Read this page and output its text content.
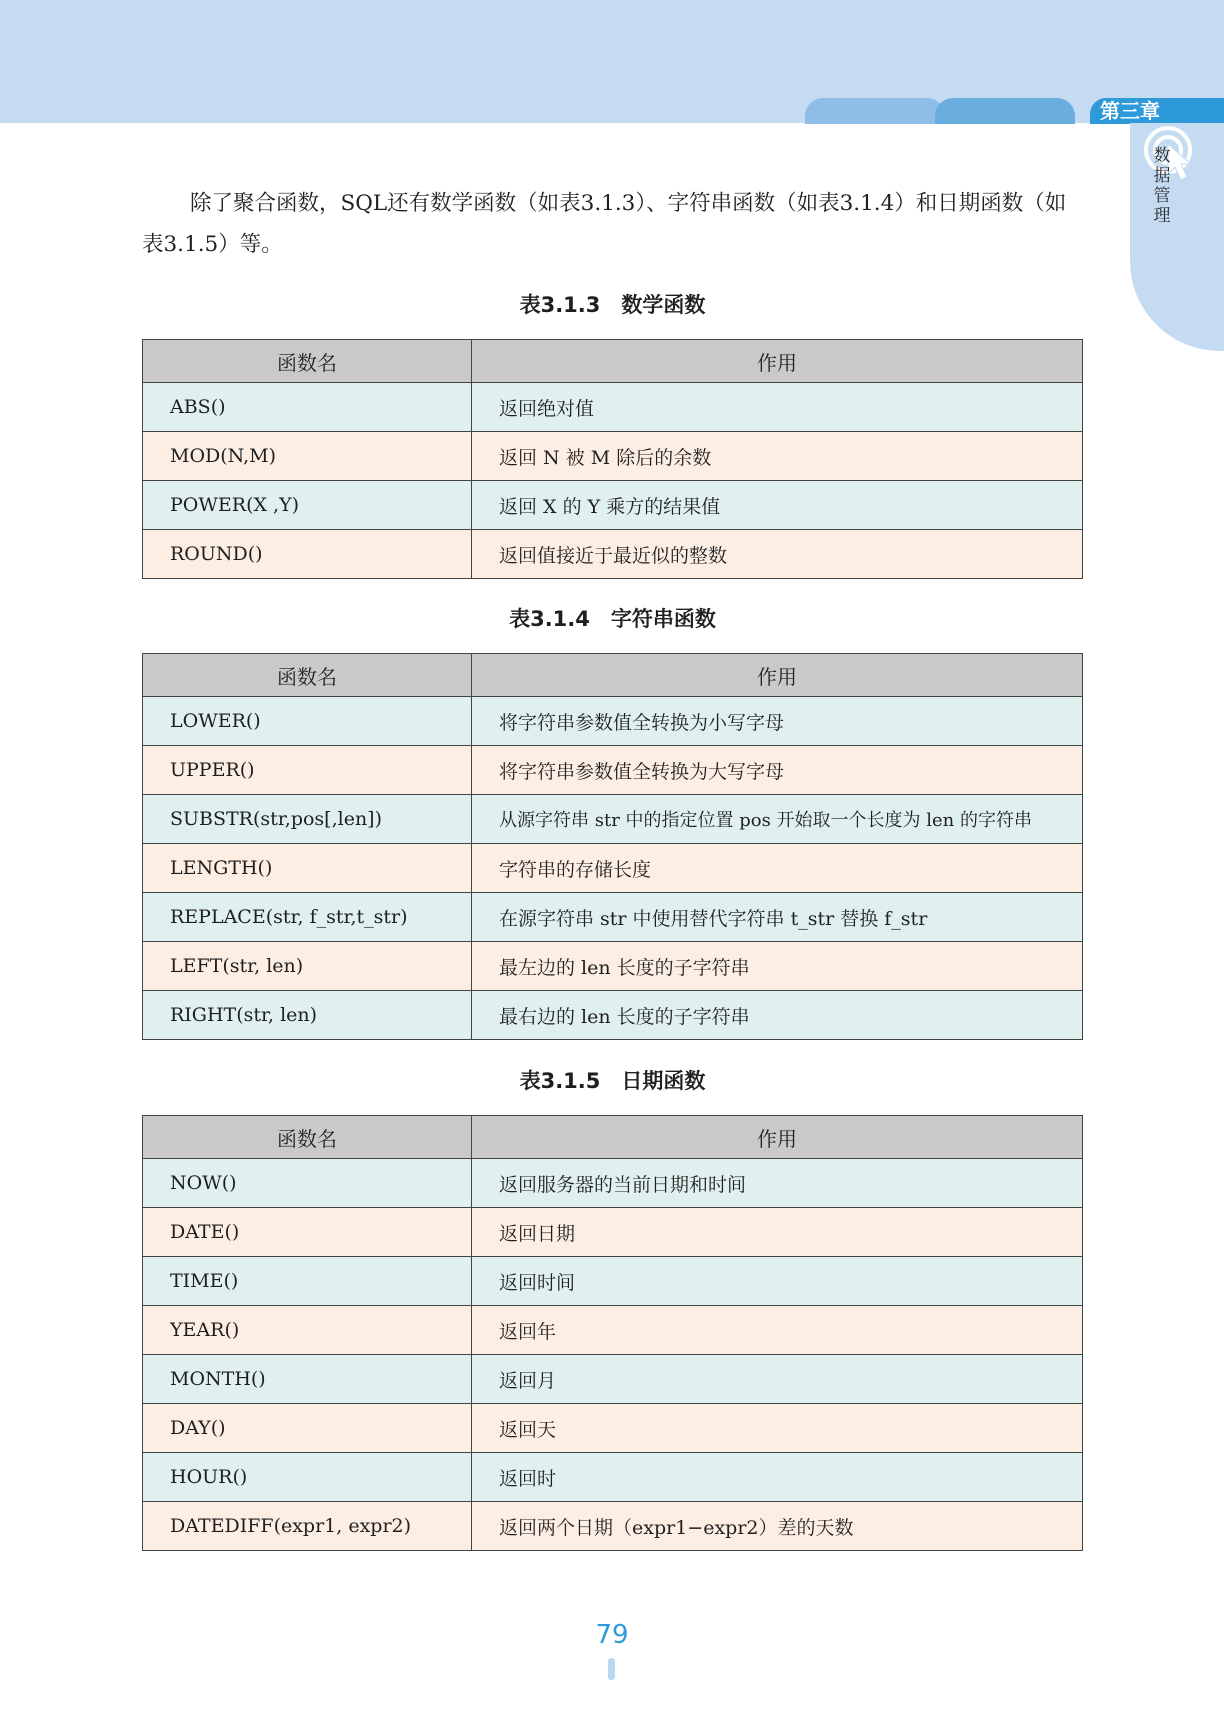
第三章
数据管理

除了聚合函数，SQL还有数学函数（如表3.1.3）、字符串函数（如表3.1.4）和日期函数（如表3.1.5）等。

表3.1.3　数学函数
函数名	作用
ABS()	返回绝对值
MOD(N,M)	返回 N 被 M 除后的余数
POWER(X ,Y)	返回 X 的 Y 乘方的结果值
ROUND()	返回值接近于最近似的整数
表3.1.4　字符串函数
函数名	作用
LOWER()	将字符串参数值全转换为小写字母
UPPER()	将字符串参数值全转换为大写字母
SUBSTR(str,pos[,len])	从源字符串 str 中的指定位置 pos 开始取一个长度为 len 的字符串
LENGTH()	字符串的存储长度
REPLACE(str, f_str,t_str)	在源字符串 str 中使用替代字符串 t_str 替换 f_str
LEFT(str, len)	最左边的 len 长度的子字符串
RIGHT(str, len)	最右边的 len 长度的子字符串
表3.1.5　日期函数
函数名	作用
NOW()	返回服务器的当前日期和时间
DATE()	返回日期
TIME()	返回时间
YEAR()	返回年
MONTH()	返回月
DAY()	返回天
HOUR()	返回时
DATEDIFF(expr1, expr2)	返回两个日期（expr1−expr2）差的天数
79
